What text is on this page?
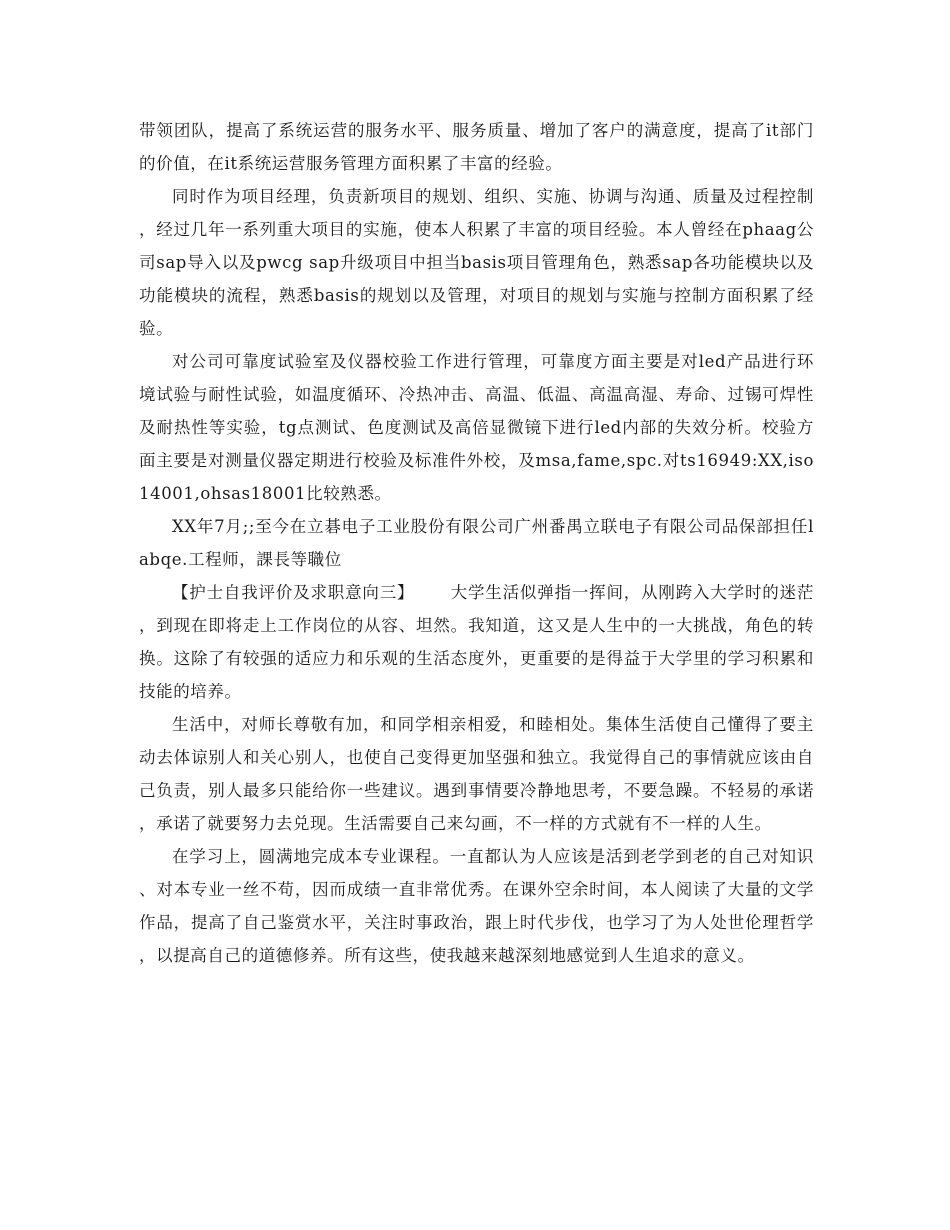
带领团队，提高了系统运营的服务水平、服务质量、增加了客户的满意度，提高了it部门的价值，在it系统运营服务管理方面积累了丰富的经验。

同时作为项目经理，负责新项目的规划、组织、实施、协调与沟通、质量及过程控制，经过几年一系列重大项目的实施，使本人积累了丰富的项目经验。本人曾经在phaag公司sap导入以及pwcg sap升级项目中担当basis项目管理角色，熟悉sap各功能模块以及功能模块的流程，熟悉basis的规划以及管理，对项目的规划与实施与控制方面积累了经验。

对公司可靠度试验室及仪器校验工作进行管理，可靠度方面主要是对led产品进行环境试验与耐性试验，如温度循环、冷热冲击、高温、低温、高温高湿、寿命、过锡可焊性及耐热性等实验，tg点测试、色度测试及高倍显微镜下进行led内部的失效分析。校验方面主要是对测量仪器定期进行校验及标准件外校，及msa,fame,spc.对ts16949:XX,iso14001,ohsas18001比较熟悉。

XX年7月;;至今在立碁电子工业股份有限公司广州番禺立联电子有限公司品保部担任labqe.工程师，課長等職位

【护士自我评价及求职意向三】 大学生活似弹指一挥间，从刚跨入大学时的迷茫，到现在即将走上工作岗位的从容、坦然。我知道，这又是人生中的一大挑战，角色的转换。这除了有较强的适应力和乐观的生活态度外，更重要的是得益于大学里的学习积累和技能的培养。

生活中，对师长尊敬有加，和同学相亲相爱，和睦相处。集体生活使自己懂得了要主动去体谅别人和关心别人，也使自己变得更加坚强和独立。我觉得自己的事情就应该由自己负责，别人最多只能给你一些建议。遇到事情要冷静地思考，不要急躁。不轻易的承诺，承诺了就要努力去兑现。生活需要自己来勾画，不一样的方式就有不一样的人生。

在学习上，圆满地完成本专业课程。一直都认为人应该是活到老学到老的自己对知识、对本专业一丝不苟，因而成绩一直非常优秀。在课外空余时间，本人阅读了大量的文学作品，提高了自己鉴赏水平，关注时事政治，跟上时代步伐，也学习了为人处世伦理哲学，以提高自己的道德修养。所有这些，使我越来越深刻地感觉到人生追求的意义。
